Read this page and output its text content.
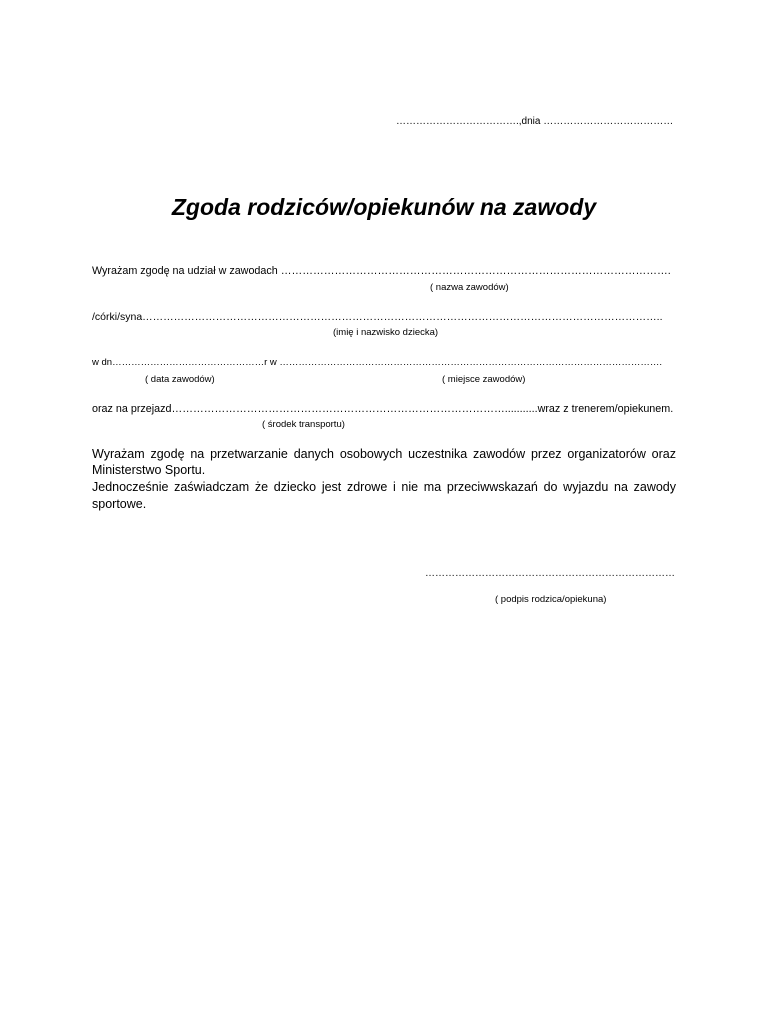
……………………………….,dnia …………………………………
Zgoda rodziców/opiekunów na zawody
Wyrażam zgodę na udział w zawodach ……………………………………………………………………………………………….
( nazwa zawodów)
/córki/syna…………………………………………………………………………………………………………………………………..
(imię i nazwisko dziecka)
w dn…………………………………………r w ………………………………………………………………………………………………………….
( data zawodów)	( miejsce zawodów)
oraz na przejazd…………………………………………………………………………………...........wraz z trenerem/opiekunem.
( środek transportu)
Wyrażam zgodę na przetwarzanie danych osobowych uczestnika zawodów przez organizatorów oraz
Ministerstwo Sportu.
Jednocześnie zaświadczam że dziecko jest zdrowe i nie ma przeciwwskazań do wyjazdu na zawody
sportowe.
…………………………………………………………………
( podpis rodzica/opiekuna)
